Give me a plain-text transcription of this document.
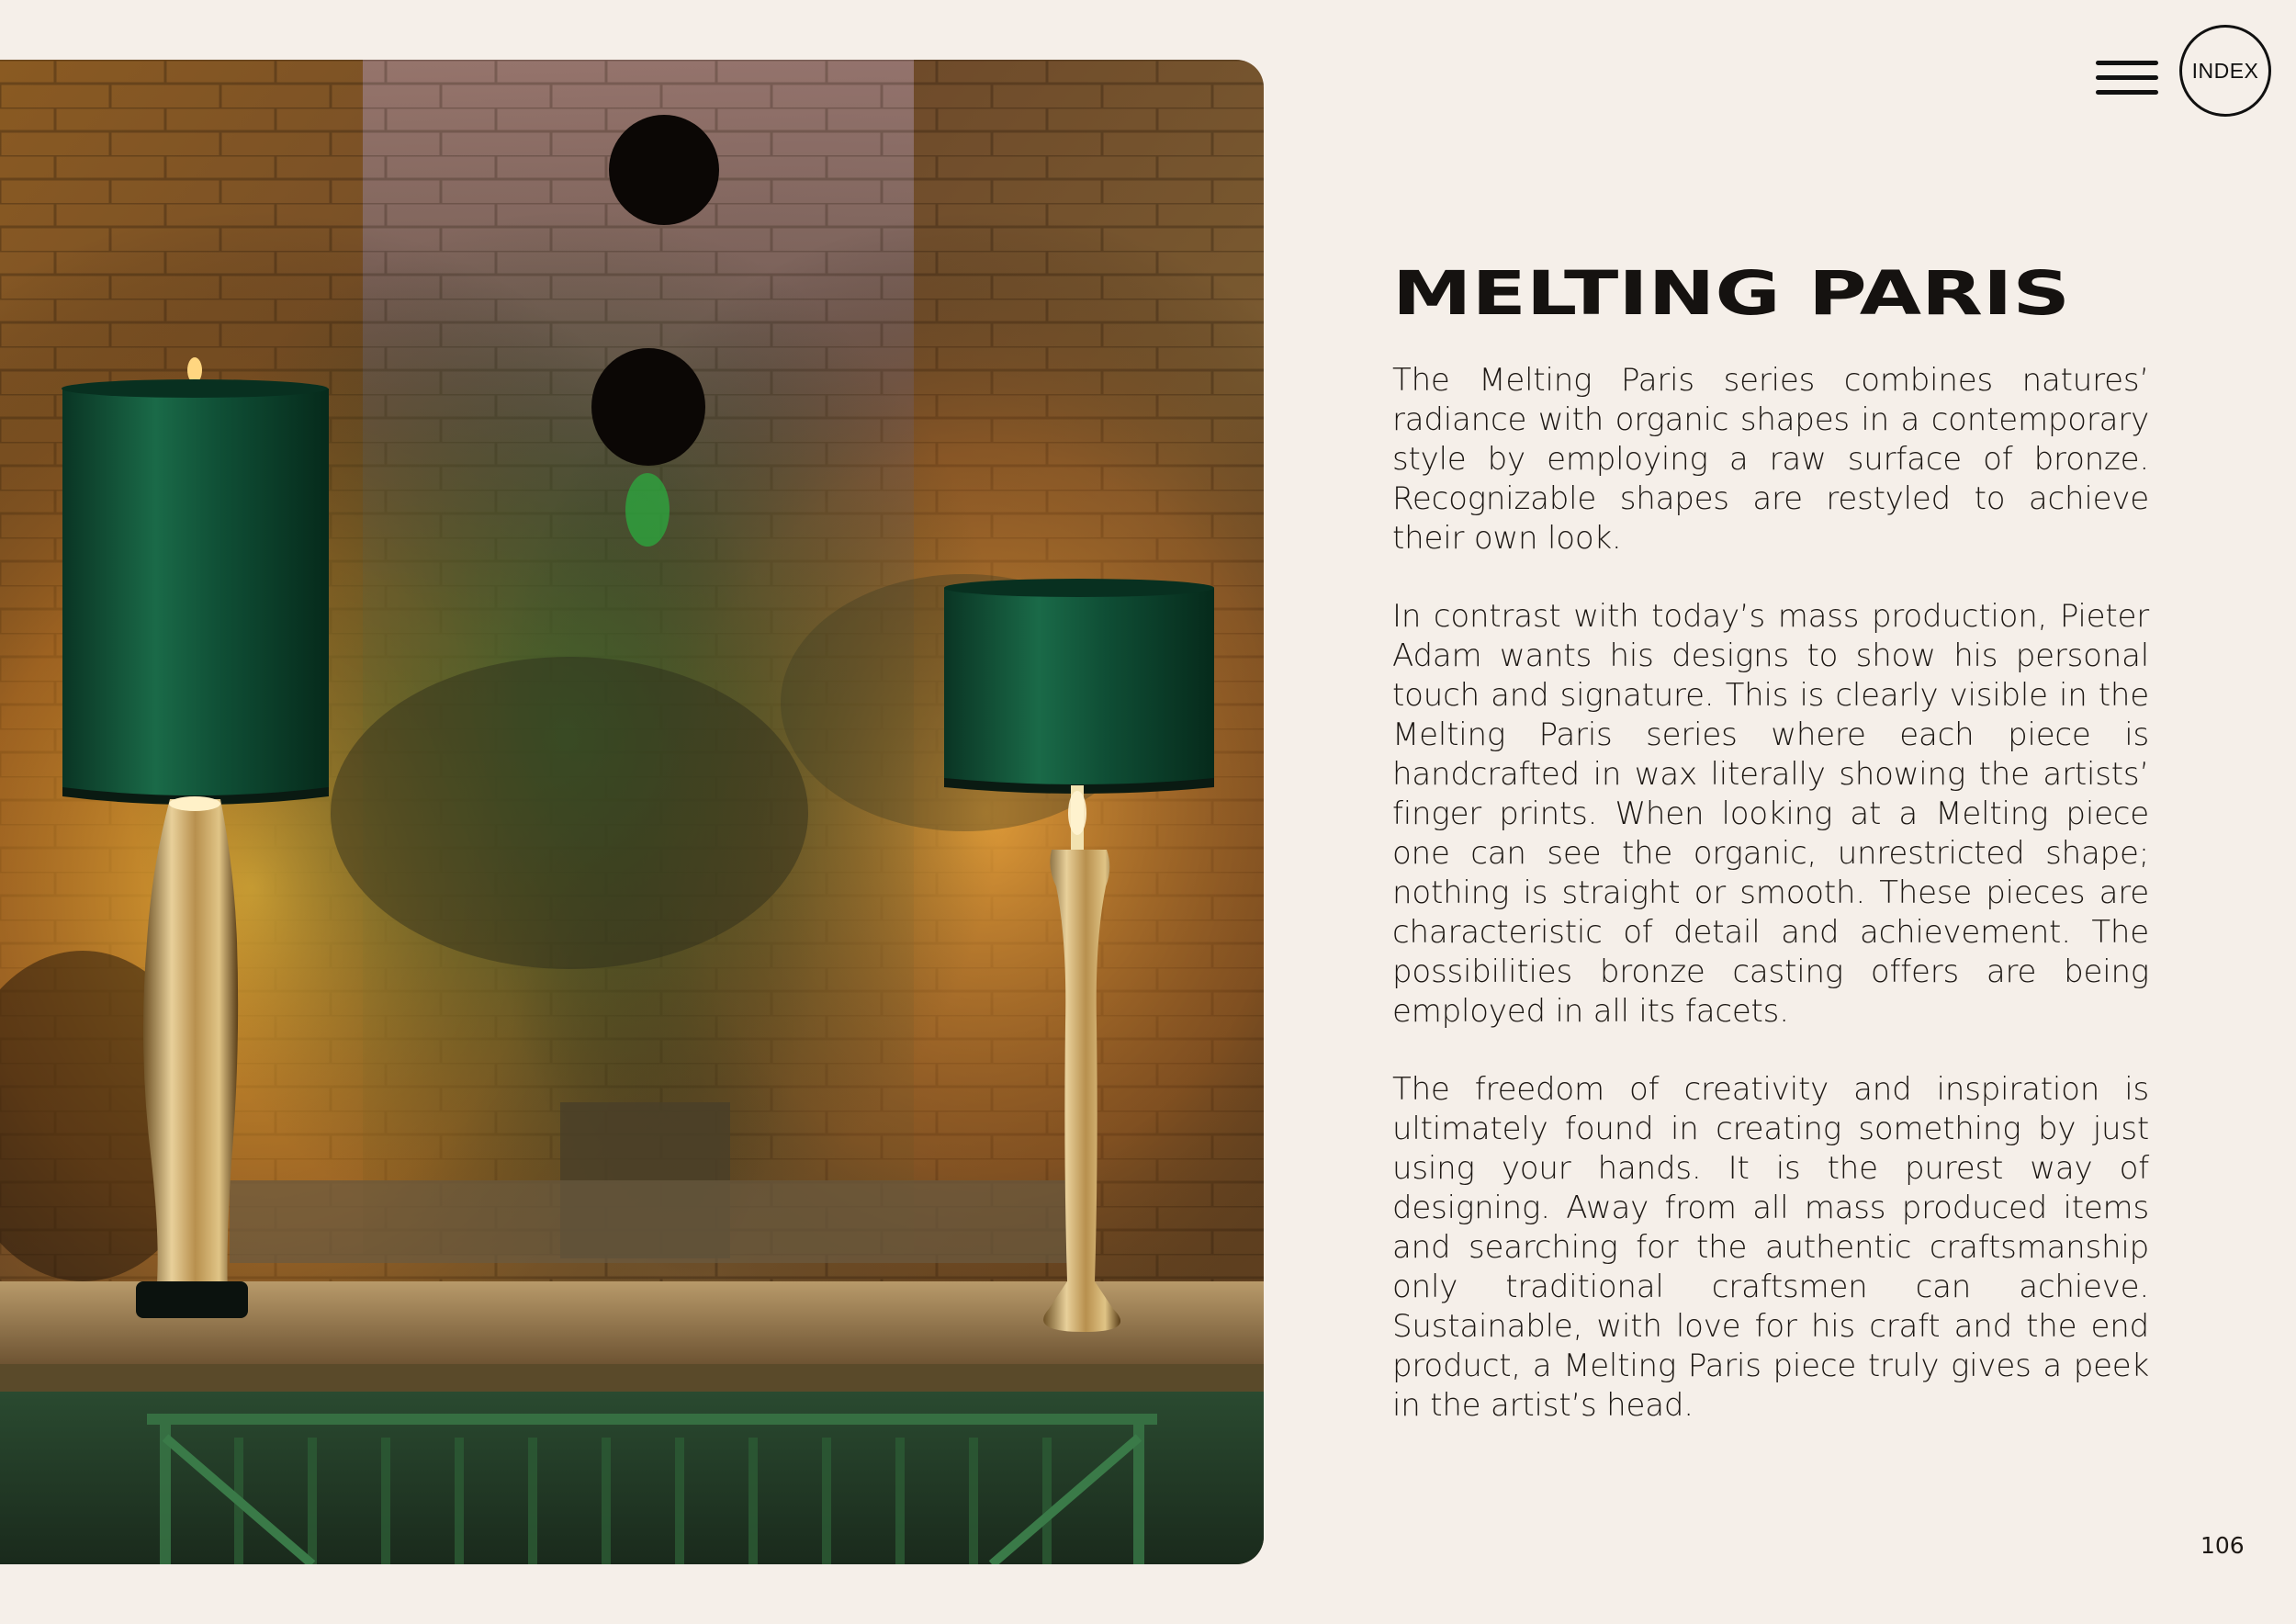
INDEX
MELTING PARIS

The Melting Paris series combines natures’ radiance with organic shapes in a contemporary style by employing a raw surface of bronze. Recognizable shapes are restyled to achieve their own look.

In contrast with today’s mass production, Pieter Adam wants his designs to show his personal touch and signature. This is clearly visible in the Melting Paris series where each piece is handcrafted in wax literally showing the artists’ finger prints. When looking at a Melting piece one can see the organic, unrestricted shape; nothing is straight or smooth. These pieces are characteristic of detail and achievement. The possibilities bronze casting offers are being employed in all its facets.

The freedom of creativity and inspiration is ultimately found in creating something by just using your hands. It is the purest way of designing. Away from all mass produced items and searching for the authentic craftsmanship only traditional craftsmen can achieve. Sustainable, with love for his craft and the end product, a Melting Paris piece truly gives a peek in the artist’s head.

106
